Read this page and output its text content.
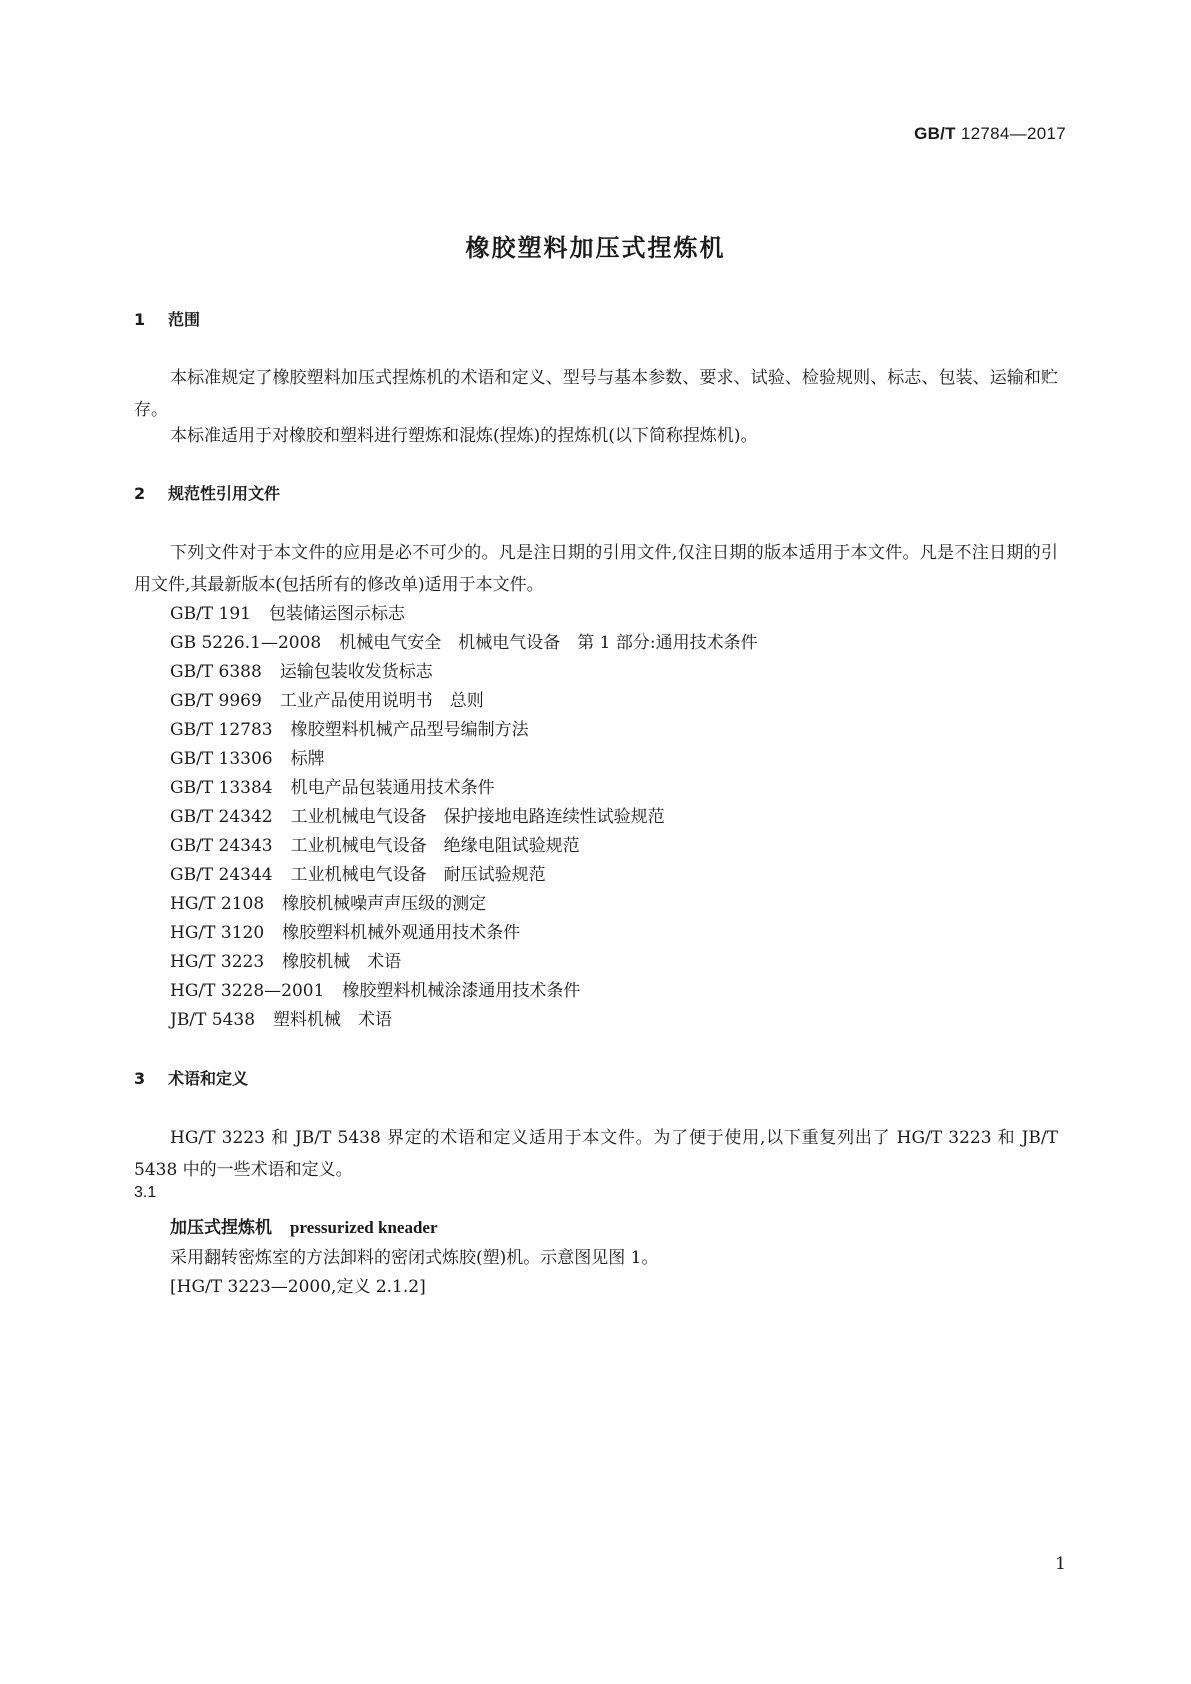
GB/T 12784—2017
橡胶塑料加压式捏炼机
1 范围
本标准规定了橡胶塑料加压式捏炼机的术语和定义、型号与基本参数、要求、试验、检验规则、标志、包装、运输和贮存。
本标准适用于对橡胶和塑料进行塑炼和混炼(捏炼)的捏炼机(以下简称捏炼机)。
2 规范性引用文件
下列文件对于本文件的应用是必不可少的。凡是注日期的引用文件,仅注日期的版本适用于本文件。凡是不注日期的引用文件,其最新版本(包括所有的修改单)适用于本文件。
GB/T 191 包装储运图示标志
GB 5226.1—2008 机械电气安全　机械电气设备　第 1 部分:通用技术条件
GB/T 6388 运输包装收发货标志
GB/T 9969 工业产品使用说明书　总则
GB/T 12783 橡胶塑料机械产品型号编制方法
GB/T 13306 标牌
GB/T 13384 机电产品包装通用技术条件
GB/T 24342 工业机械电气设备　保护接地电路连续性试验规范
GB/T 24343 工业机械电气设备　绝缘电阻试验规范
GB/T 24344 工业机械电气设备　耐压试验规范
HG/T 2108 橡胶机械噪声声压级的测定
HG/T 3120 橡胶塑料机械外观通用技术条件
HG/T 3223 橡胶机械　术语
HG/T 3228—2001 橡胶塑料机械涂漆通用技术条件
JB/T 5438 塑料机械　术语
3 术语和定义
HG/T 3223 和 JB/T 5438 界定的术语和定义适用于本文件。为了便于使用,以下重复列出了 HG/T 3223 和 JB/T 5438 中的一些术语和定义。
3.1
加压式捏炼机 pressurized kneader
采用翻转密炼室的方法卸料的密闭式炼胶(塑)机。示意图见图 1。
[HG/T 3223—2000,定义 2.1.2]
1
